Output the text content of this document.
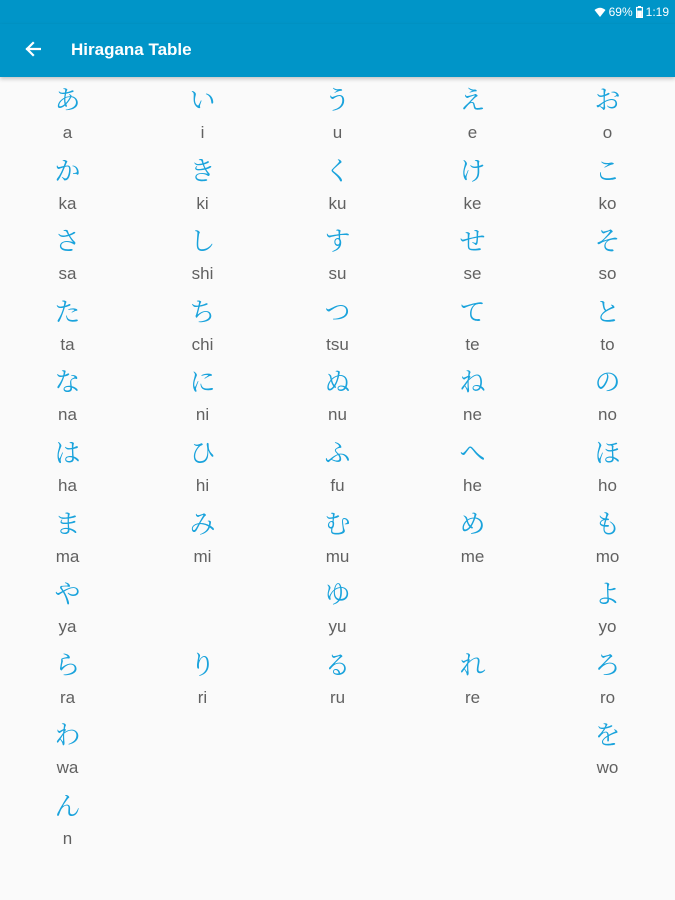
69% 1:19
Hiragana Table
あ
a
い
i
う
u
え
e
お
o
か
ka
き
ki
く
ku
け
ke
こ
ko
さ
sa
し
shi
す
su
せ
se
そ
so
た
ta
ち
chi
つ
tsu
て
te
と
to
な
na
に
ni
ぬ
nu
ね
ne
の
no
は
ha
ひ
hi
ふ
fu
へ
he
ほ
ho
ま
ma
み
mi
む
mu
め
me
も
mo
や
ya
ゆ
yu
よ
yo
ら
ra
り
ri
る
ru
れ
re
ろ
ro
わ
wa
を
wo
ん
n
